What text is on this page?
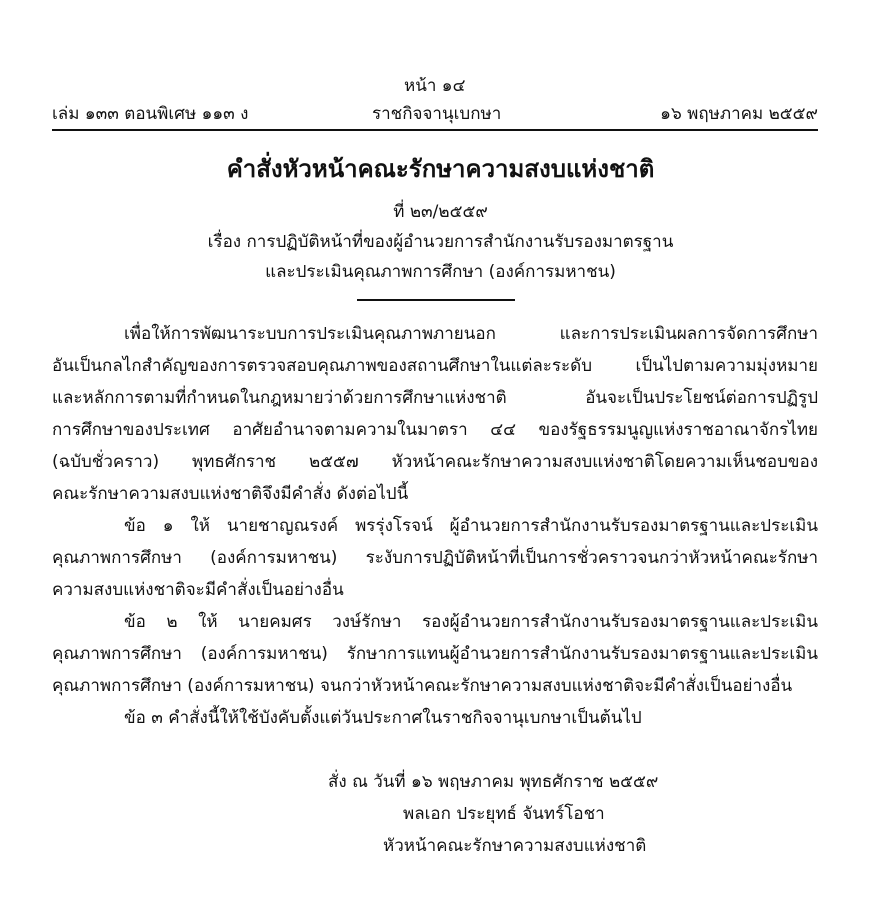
หน้า ๑๔
เล่ม ๑๓๓ ตอนพิเศษ ๑๑๓ ง	ราชกิจจานุเบกษา	๑๖ พฤษภาคม ๒๕๕๙
คำสั่งหัวหน้าคณะรักษาความสงบแห่งชาติ
ที่ ๒๓/๒๕๕๙
เรื่อง การปฏิบัติหน้าที่ของผู้อำนวยการสำนักงานรับรองมาตรฐาน
และประเมินคุณภาพการศึกษา (องค์การมหาชน)
เพื่อให้การพัฒนาระบบการประเมินคุณภาพภายนอก และการประเมินผลการจัดการศึกษา
อันเป็นกลไกสำคัญของการตรวจสอบคุณภาพของสถานศึกษาในแต่ละระดับ เป็นไปตามความมุ่งหมาย
และหลักการตามที่กำหนดในกฎหมายว่าด้วยการศึกษาแห่งชาติ อันจะเป็นประโยชน์ต่อการปฏิรูป
การศึกษาของประเทศ อาศัยอำนาจตามความในมาตรา ๔๔ ของรัฐธรรมนูญแห่งราชอาณาจักรไทย
(ฉบับชั่วคราว) พุทธศักราช ๒๕๕๗ หัวหน้าคณะรักษาความสงบแห่งชาติโดยความเห็นชอบของ
คณะรักษาความสงบแห่งชาติจึงมีคำสั่ง ดังต่อไปนี้
ข้อ ๑ ให้ นายชาญณรงค์ พรรุ่งโรจน์ ผู้อำนวยการสำนักงานรับรองมาตรฐานและประเมิน
คุณภาพการศึกษา (องค์การมหาชน) ระงับการปฏิบัติหน้าที่เป็นการชั่วคราวจนกว่าหัวหน้าคณะรักษา
ความสงบแห่งชาติจะมีคำสั่งเป็นอย่างอื่น
ข้อ ๒ ให้ นายคมศร วงษ์รักษา รองผู้อำนวยการสำนักงานรับรองมาตรฐานและประเมิน
คุณภาพการศึกษา (องค์การมหาชน) รักษาการแทนผู้อำนวยการสำนักงานรับรองมาตรฐานและประเมิน
คุณภาพการศึกษา (องค์การมหาชน) จนกว่าหัวหน้าคณะรักษาความสงบแห่งชาติจะมีคำสั่งเป็นอย่างอื่น
ข้อ ๓ คำสั่งนี้ให้ใช้บังคับตั้งแต่วันประกาศในราชกิจจานุเบกษาเป็นต้นไป
สั่ง ณ วันที่ ๑๖ พฤษภาคม พุทธศักราช ๒๕๕๙
พลเอก ประยุทธ์ จันทร์โอชา
หัวหน้าคณะรักษาความสงบแห่งชาติ
